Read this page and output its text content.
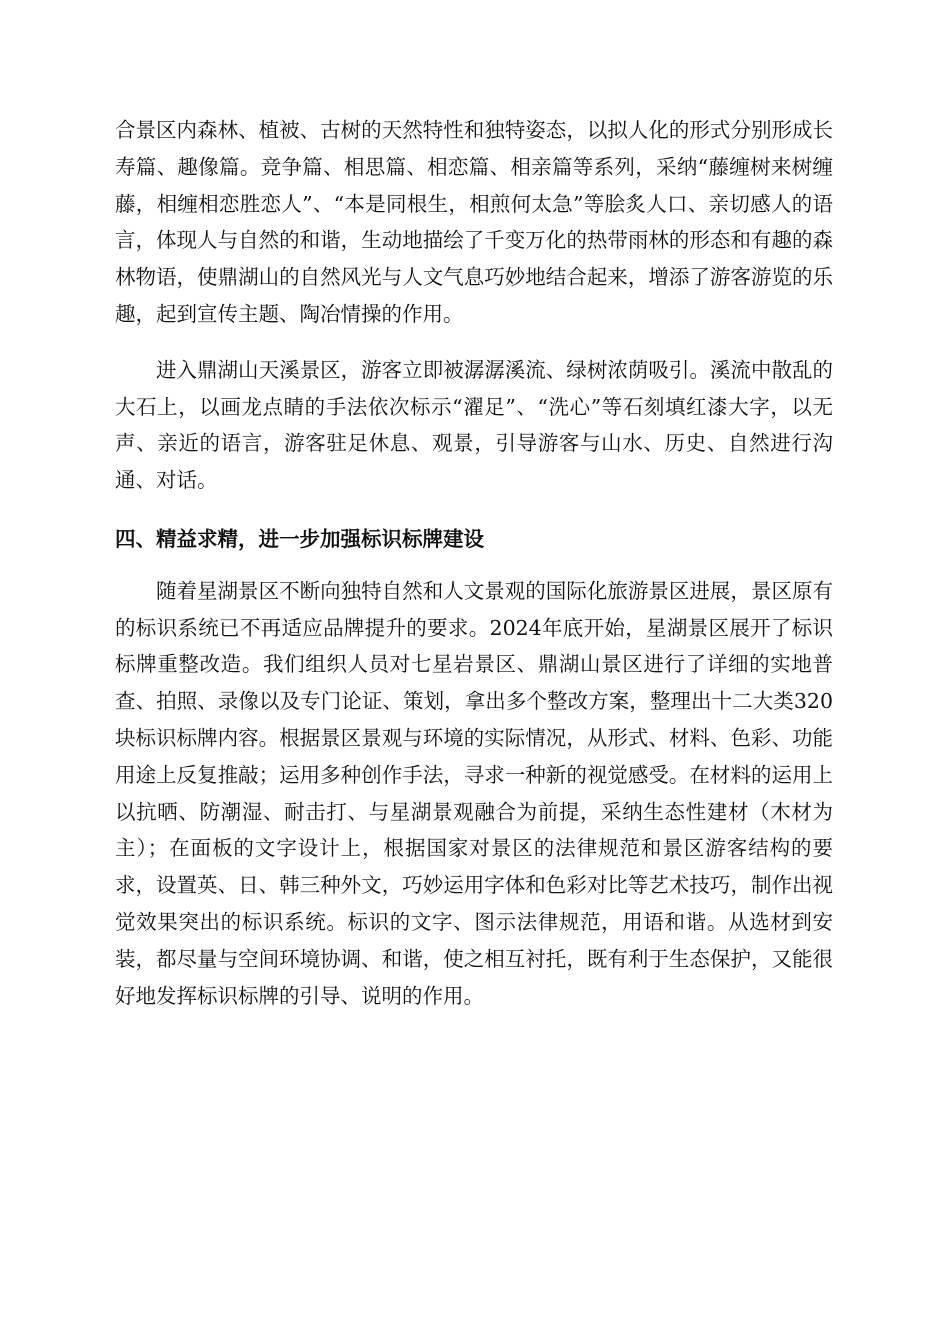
合景区内森林、植被、古树的天然特性和独特姿态，以拟人化的形式分别形成长寿篇、趣像篇。竞争篇、相思篇、相恋篇、相亲篇等系列，采纳“藤缠树来树缠藤，相缠相恋胜恋人”、“本是同根生，相煎何太急”等脍炙人口、亲切感人的语言，体现人与自然的和谐，生动地描绘了千变万化的热带雨林的形态和有趣的森林物语，使鼎湖山的自然风光与人文气息巧妙地结合起来，增添了游客游览的乐趣，起到宣传主题、陶冶情操的作用。

进入鼎湖山天溪景区，游客立即被潺潺溪流、绿树浓荫吸引。溪流中散乱的大石上，以画龙点睛的手法依次标示“濯足”、“洗心”等石刻填红漆大字，以无声、亲近的语言，游客驻足休息、观景，引导游客与山水、历史、自然进行沟通、对话。

四、精益求精，进一步加强标识标牌建设

随着星湖景区不断向独特自然和人文景观的国际化旅游景区进展，景区原有的标识系统已不再适应品牌提升的要求。2024年底开始，星湖景区展开了标识标牌重整改造。我们组织人员对七星岩景区、鼎湖山景区进行了详细的实地普查、拍照、录像以及专门论证、策划，拿出多个整改方案，整理出十二大类320块标识标牌内容。根据景区景观与环境的实际情况，从形式、材料、色彩、功能用途上反复推敲；运用多种创作手法，寻求一种新的视觉感受。在材料的运用上以抗晒、防潮湿、耐击打、与星湖景观融合为前提，采纳生态性建材（木材为主）；在面板的文字设计上，根据国家对景区的法律规范和景区游客结构的要求，设置英、日、韩三种外文，巧妙运用字体和色彩对比等艺术技巧，制作出视觉效果突出的标识系统。标识的文字、图示法律规范，用语和谐。从选材到安装，都尽量与空间环境协调、和谐，使之相互衬托，既有利于生态保护，又能很好地发挥标识标牌的引导、说明的作用。
